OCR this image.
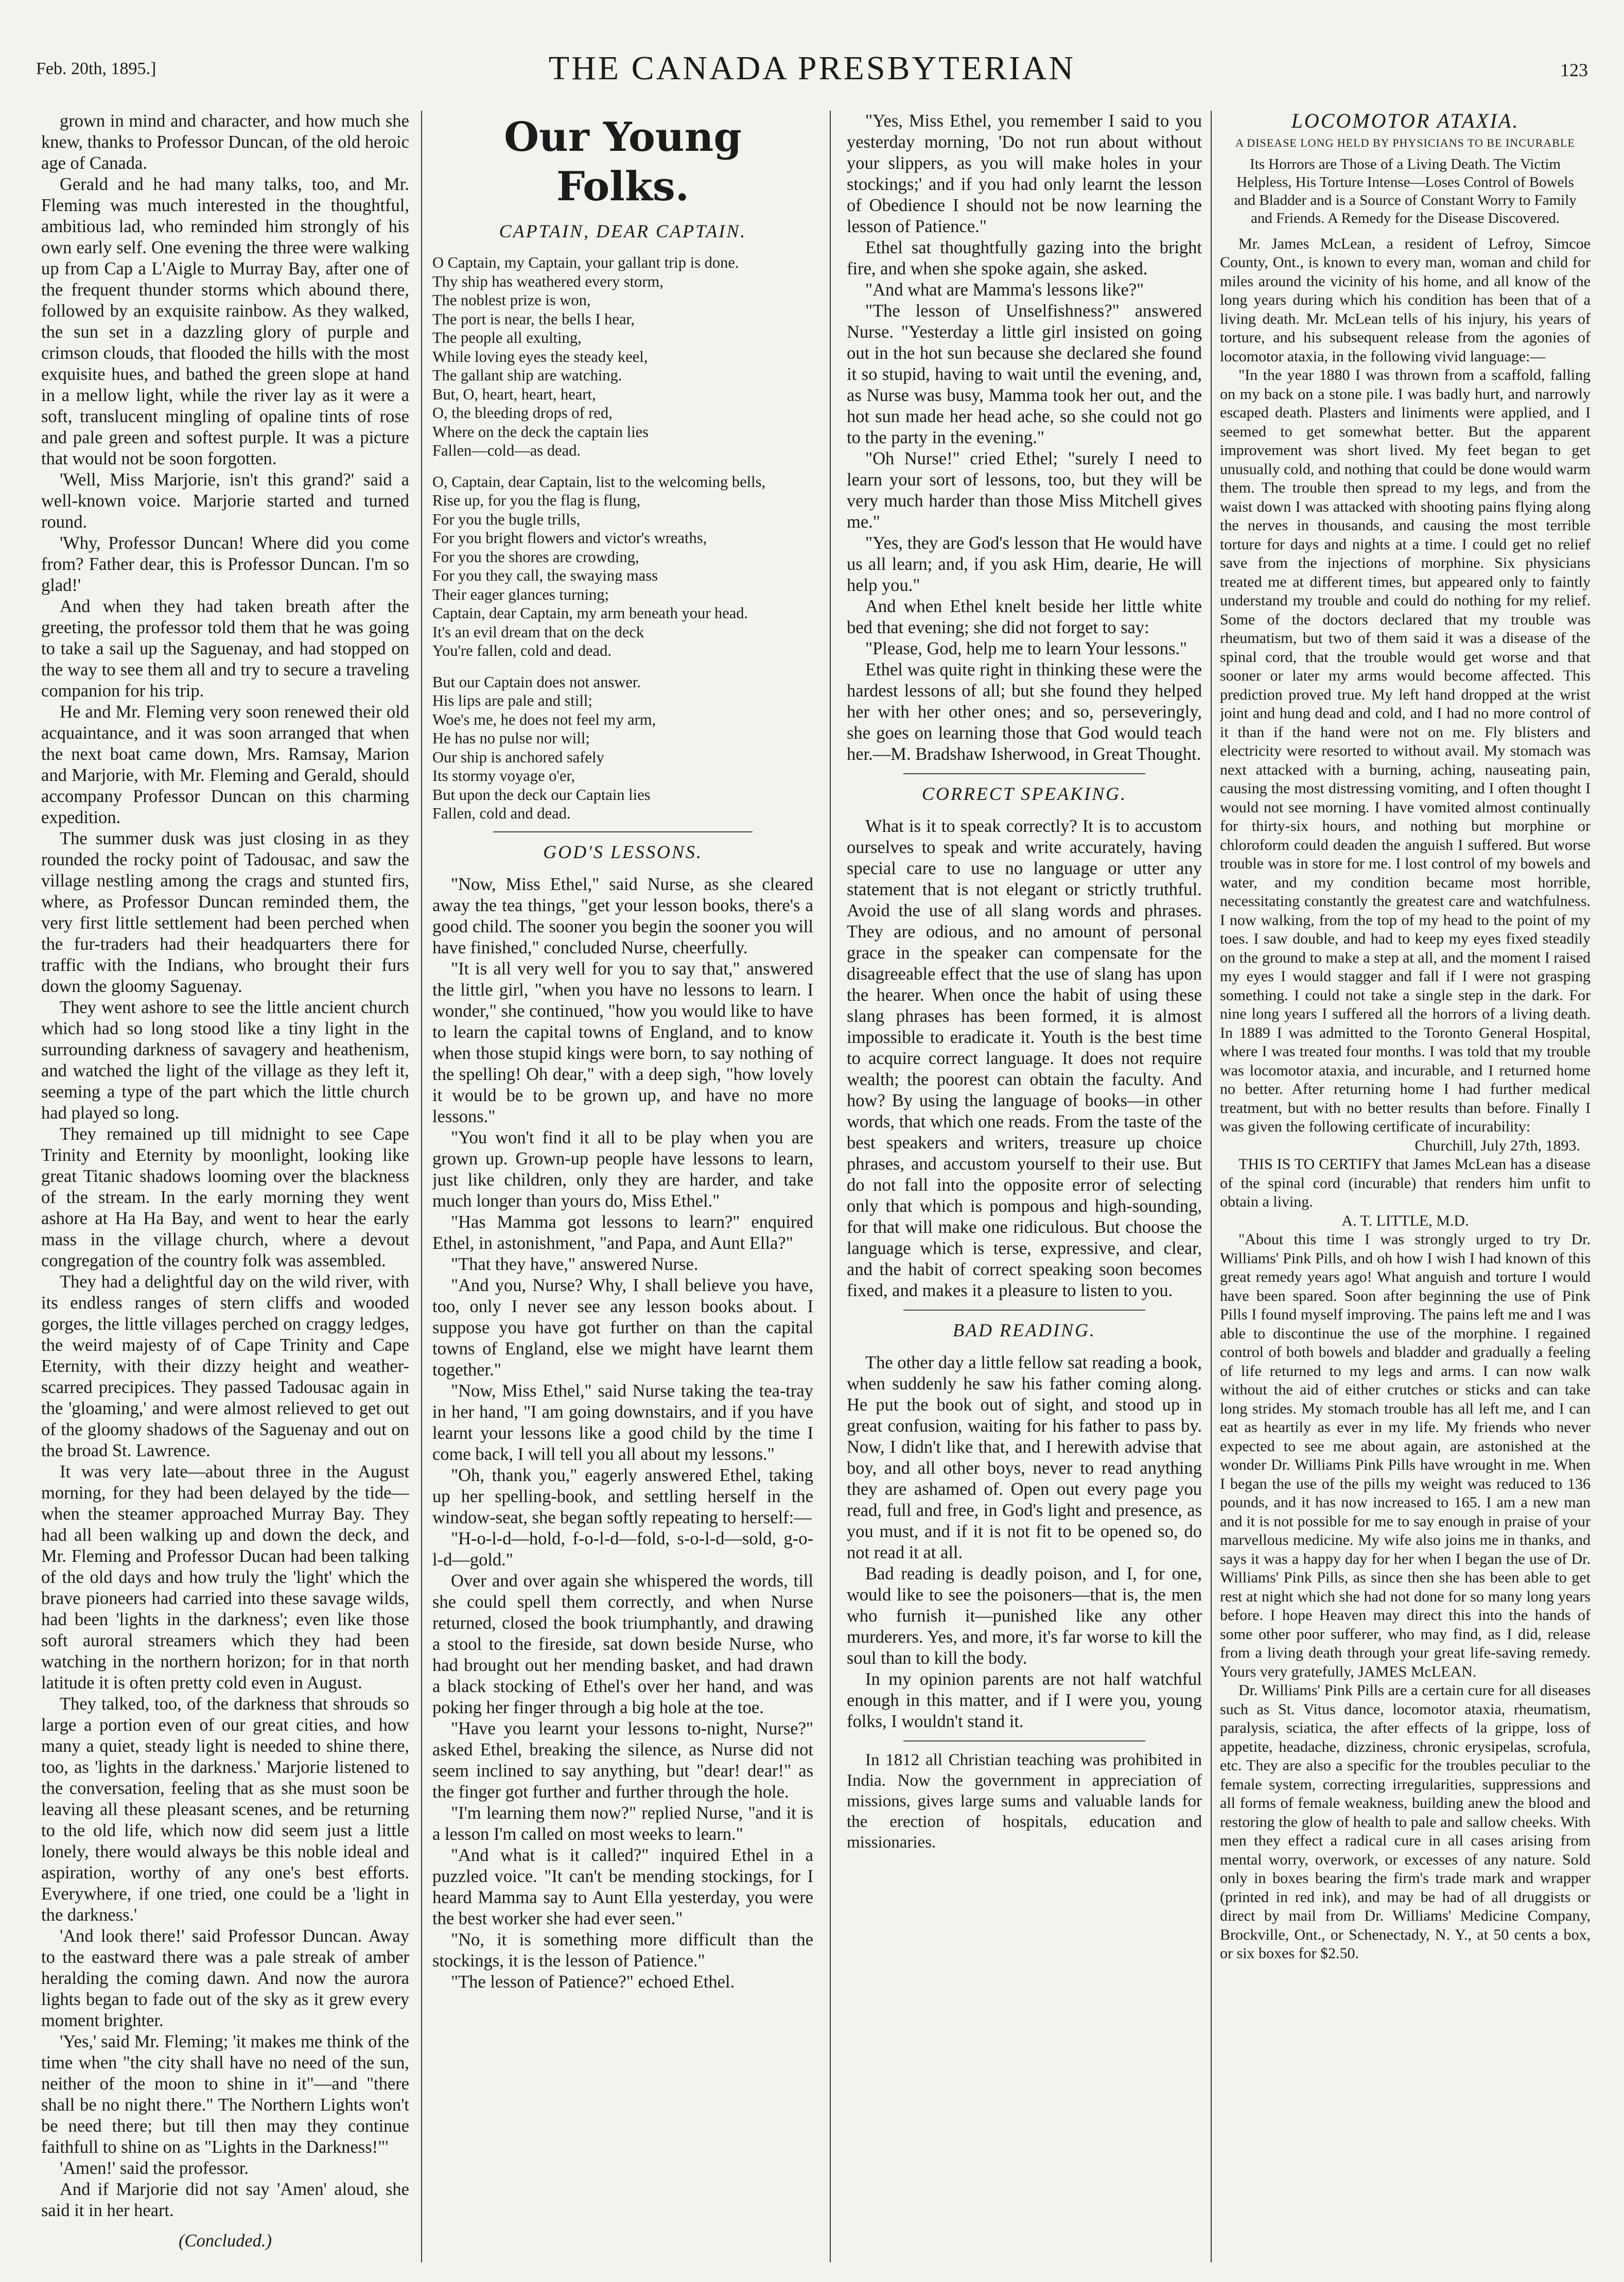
Feb. 20th, 1895.]	THE CANADA PRESBYTERIAN	123

grown in mind and character, and how much she knew, thanks to Professor Duncan, of the old heroic age of Canada.

Gerald and he had many talks, too, and Mr. Fleming was much interested in the thoughtful, ambitious lad, who reminded him strongly of his own early self. One evening the three were walking up from Cap a L'Aigle to Murray Bay, after one of the frequent thunder storms which abound there, followed by an exquisite rainbow. As they walked, the sun set in a dazzling glory of purple and crimson clouds, that flooded the hills with the most exquisite hues, and bathed the green slope at hand in a mellow light, while the river lay as it were a soft, translucent mingling of opaline tints of rose and pale green and softest purple. It was a picture that would not be soon forgotten.

'Well, Miss Marjorie, isn't this grand?' said a well-known voice. Marjorie started and turned round.

'Why, Professor Duncan! Where did you come from? Father dear, this is Professor Duncan. I'm so glad!'

And when they had taken breath after the greeting, the professor told them that he was going to take a sail up the Saguenay, and had stopped on the way to see them all and try to secure a traveling companion for his trip.

He and Mr. Fleming very soon renewed their old acquaintance, and it was soon arranged that when the next boat came down, Mrs. Ramsay, Marion and Marjorie, with Mr. Fleming and Gerald, should accompany Professor Duncan on this charming expedition.

The summer dusk was just closing in as they rounded the rocky point of Tadousac, and saw the village nestling among the crags and stunted firs, where, as Professor Duncan reminded them, the very first little settlement had been perched when the fur-traders had their headquarters there for traffic with the Indians, who brought their furs down the gloomy Saguenay.

They went ashore to see the little ancient church which had so long stood like a tiny light in the surrounding darkness of savagery and heathenism, and watched the light of the village as they left it, seeming a type of the part which the little church had played so long.

They remained up till midnight to see Cape Trinity and Eternity by moonlight, looking like great Titanic shadows looming over the blackness of the stream. In the early morning they went ashore at Ha Ha Bay, and went to hear the early mass in the village church, where a devout congregation of the country folk was assembled.

They had a delightful day on the wild river, with its endless ranges of stern cliffs and wooded gorges, the little villages perched on craggy ledges, the weird majesty of of Cape Trinity and Cape Eternity, with their dizzy height and weather-scarred precipices. They passed Tadousac again in the 'gloaming,' and were almost relieved to get out of the gloomy shadows of the Saguenay and out on the broad St. Lawrence.

It was very late—about three in the August morning, for they had been delayed by the tide—when the steamer approached Murray Bay. They had all been walking up and down the deck, and Mr. Fleming and Professor Ducan had been talking of the old days and how truly the 'light' which the brave pioneers had carried into these savage wilds, had been 'lights in the darkness'; even like those soft auroral streamers which they had been watching in the northern horizon; for in that north latitude it is often pretty cold even in August.

They talked, too, of the darkness that shrouds so large a portion even of our great cities, and how many a quiet, steady light is needed to shine there, too, as 'lights in the darkness.' Marjorie listened to the conversation, feeling that as she must soon be leaving all these pleasant scenes, and be returning to the old life, which now did seem just a little lonely, there would always be this noble ideal and aspiration, worthy of any one's best efforts. Everywhere, if one tried, one could be a 'light in the darkness.'

'And look there!' said Professor Duncan. Away to the eastward there was a pale streak of amber heralding the coming dawn. And now the aurora lights began to fade out of the sky as it grew every moment brighter.

'Yes,' said Mr. Fleming; 'it makes me think of the time when "the city shall have no need of the sun, neither of the moon to shine in it"—and "there shall be no night there." The Northern Lights won't be need there; but till then may they continue faithfull to shine on as "Lights in the Darkness!"'

'Amen!' said the professor.

And if Marjorie did not say 'Amen' aloud, she said it in her heart.

(Concluded.)
Our Young Folks.
CAPTAIN, DEAR CAPTAIN.
O Captain, my Captain, your gallant trip is done.
Thy ship has weathered every storm,
The noblest prize is won,
The port is near, the bells I hear,
The people all exulting,
While loving eyes the steady keel,
The gallant ship are watching.
But, O, heart, heart, heart,
O, the bleeding drops of red,
Where on the deck the captain lies
Fallen—cold—as dead.
O, Captain, dear Captain, list to the welcoming bells,
Rise up, for you the flag is flung,
For you the bugle trills,
For you bright flowers and victor's wreaths,
For you the shores are crowding,
For you they call, the swaying mass
Their eager glances turning;
Captain, dear Captain, my arm beneath your head.
It's an evil dream that on the deck
You're fallen, cold and dead.
But our Captain does not answer.
His lips are pale and still;
Woe's me, he does not feel my arm,
He has no pulse nor will;
Our ship is anchored safely
Its stormy voyage o'er,
But upon the deck our Captain lies
Fallen, cold and dead.
GOD'S LESSONS.

"Now, Miss Ethel," said Nurse, as she cleared away the tea things, "get your lesson books, there's a good child. The sooner you begin the sooner you will have finished," concluded Nurse, cheerfully.

"It is all very well for you to say that," answered the little girl, "when you have no lessons to learn. I wonder," she continued, "how you would like to have to learn the capital towns of England, and to know when those stupid kings were born, to say nothing of the spelling! Oh dear," with a deep sigh, "how lovely it would be to be grown up, and have no more lessons."

"You won't find it all to be play when you are grown up. Grown-up people have lessons to learn, just like children, only they are harder, and take much longer than yours do, Miss Ethel."

"Has Mamma got lessons to learn?" enquired Ethel, in astonishment, "and Papa, and Aunt Ella?"

"That they have," answered Nurse.

"And you, Nurse? Why, I shall believe you have, too, only I never see any lesson books about. I suppose you have got further on than the capital towns of England, else we might have learnt them together."

"Now, Miss Ethel," said Nurse taking the tea-tray in her hand, "I am going downstairs, and if you have learnt your lessons like a good child by the time I come back, I will tell you all about my lessons."

"Oh, thank you," eagerly answered Ethel, taking up her spelling-book, and settling herself in the window-seat, she began softly repeating to herself:—

"H-o-l-d—hold, f-o-l-d—fold, s-o-l-d—sold, g-o-l-d—gold."

Over and over again she whispered the words, till she could spell them correctly, and when Nurse returned, closed the book triumphantly, and drawing a stool to the fireside, sat down beside Nurse, who had brought out her mending basket, and had drawn a black stocking of Ethel's over her hand, and was poking her finger through a big hole at the toe.

"Have you learnt your lessons to-night, Nurse?" asked Ethel, breaking the silence, as Nurse did not seem inclined to say anything, but "dear! dear!" as the finger got further and further through the hole.

"I'm learning them now?" replied Nurse, "and it is a lesson I'm called on most weeks to learn."

"And what is it called?" inquired Ethel in a puzzled voice. "It can't be mending stockings, for I heard Mamma say to Aunt Ella yesterday, you were the best worker she had ever seen."

"No, it is something more difficult than the stockings, it is the lesson of Patience."

"The lesson of Patience?" echoed Ethel.

"Yes, Miss Ethel, you remember I said to you yesterday morning, 'Do not run about without your slippers, as you will make holes in your stockings;' and if you had only learnt the lesson of Obedience I should not be now learning the lesson of Patience."

Ethel sat thoughtfully gazing into the bright fire, and when she spoke again, she asked.

"And what are Mamma's lessons like?"

"The lesson of Unselfishness?" answered Nurse. "Yesterday a little girl insisted on going out in the hot sun because she declared she found it so stupid, having to wait until the evening, and, as Nurse was busy, Mamma took her out, and the hot sun made her head ache, so she could not go to the party in the evening."

"Oh Nurse!" cried Ethel; "surely I need to learn your sort of lessons, too, but they will be very much harder than those Miss Mitchell gives me."

"Yes, they are God's lesson that He would have us all learn; and, if you ask Him, dearie, He will help you."

And when Ethel knelt beside her little white bed that evening; she did not forget to say:

"Please, God, help me to learn Your lessons."

Ethel was quite right in thinking these were the hardest lessons of all; but she found they helped her with her other ones; and so, perseveringly, she goes on learning those that God would teach her.—M. Bradshaw Isherwood, in Great Thought.

CORRECT SPEAKING.

What is it to speak correctly? It is to accustom ourselves to speak and write accurately, having special care to use no language or utter any statement that is not elegant or strictly truthful. Avoid the use of all slang words and phrases. They are odious, and no amount of personal grace in the speaker can compensate for the disagreeable effect that the use of slang has upon the hearer. When once the habit of using these slang phrases has been formed, it is almost impossible to eradicate it. Youth is the best time to acquire correct language. It does not require wealth; the poorest can obtain the faculty. And how? By using the language of books—in other words, that which one reads. From the taste of the best speakers and writers, treasure up choice phrases, and accustom yourself to their use. But do not fall into the opposite error of selecting only that which is pompous and high-sounding, for that will make one ridiculous. But choose the language which is terse, expressive, and clear, and the habit of correct speaking soon becomes fixed, and makes it a pleasure to listen to you.

BAD READING.

The other day a little fellow sat reading a book, when suddenly he saw his father coming along. He put the book out of sight, and stood up in great confusion, waiting for his father to pass by. Now, I didn't like that, and I herewith advise that boy, and all other boys, never to read anything they are ashamed of. Open out every page you read, full and free, in God's light and presence, as you must, and if it is not fit to be opened so, do not read it at all.

Bad reading is deadly poison, and I, for one, would like to see the poisoners—that is, the men who furnish it—punished like any other murderers. Yes, and more, it's far worse to kill the soul than to kill the body.

In my opinion parents are not half watchful enough in this matter, and if I were you, young folks, I wouldn't stand it.

In 1812 all Christian teaching was prohibited in India. Now the government in appreciation of missions, gives large sums and valuable lands for the erection of hospitals, education and missionaries.

LOCOMOTOR ATAXIA.
A DISEASE LONG HELD BY PHYSICIANS TO BE INCURABLE
Its Horrors are Those of a Living Death. The Victim Helpless, His Torture Intense—Loses Control of Bowels and Bladder and is a Source of Constant Worry to Family and Friends. A Remedy for the Disease Discovered.

Mr. James McLean, a resident of Lefroy, Simcoe County, Ont., is known to every man, woman and child for miles around the vicinity of his home, and all know of the long years during which his condition has been that of a living death. Mr. McLean tells of his injury, his years of torture, and his subsequent release from the agonies of locomotor ataxia, in the following vivid language:—

"In the year 1880 I was thrown from a scaffold, falling on my back on a stone pile. I was badly hurt, and narrowly escaped death. Plasters and liniments were applied, and I seemed to get somewhat better. But the apparent improvement was short lived. My feet began to get unusually cold, and nothing that could be done would warm them. The trouble then spread to my legs, and from the waist down I was attacked with shooting pains flying along the nerves in thousands, and causing the most terrible torture for days and nights at a time. I could get no relief save from the injections of morphine. Six physicians treated me at different times, but appeared only to faintly understand my trouble and could do nothing for my relief. Some of the doctors declared that my trouble was rheumatism, but two of them said it was a disease of the spinal cord, that the trouble would get worse and that sooner or later my arms would become affected. This prediction proved true. My left hand dropped at the wrist joint and hung dead and cold, and I had no more control of it than if the hand were not on me. Fly blisters and electricity were resorted to without avail. My stomach was next attacked with a burning, aching, nauseating pain, causing the most distressing vomiting, and I often thought I would not see morning. I have vomited almost continually for thirty-six hours, and nothing but morphine or chloroform could deaden the anguish I suffered. But worse trouble was in store for me. I lost control of my bowels and water, and my condition became most horrible, necessitating constantly the greatest care and watchfulness. I now walking, from the top of my head to the point of my toes. I saw double, and had to keep my eyes fixed steadily on the ground to make a step at all, and the moment I raised my eyes I would stagger and fall if I were not grasping something. I could not take a single step in the dark. For nine long years I suffered all the horrors of a living death. In 1889 I was admitted to the Toronto General Hospital, where I was treated four months. I was told that my trouble was locomotor ataxia, and incurable, and I returned home no better. After returning home I had further medical treatment, but with no better results than before. Finally I was given the following certificate of incurability:

Churchill, July 27th, 1893.

THIS IS TO CERTIFY that James McLean has a disease of the spinal cord (incurable) that renders him unfit to obtain a living.

A. T. LITTLE, M.D.

"About this time I was strongly urged to try Dr. Williams' Pink Pills, and oh how I wish I had known of this great remedy years ago! What anguish and torture I would have been spared. Soon after beginning the use of Pink Pills I found myself improving. The pains left me and I was able to discontinue the use of the morphine. I regained control of both bowels and bladder and gradually a feeling of life returned to my legs and arms. I can now walk without the aid of either crutches or sticks and can take long strides. My stomach trouble has all left me, and I can eat as heartily as ever in my life. My friends who never expected to see me about again, are astonished at the wonder Dr. Williams Pink Pills have wrought in me. When I began the use of the pills my weight was reduced to 136 pounds, and it has now increased to 165. I am a new man and it is not possible for me to say enough in praise of your marvellous medicine. My wife also joins me in thanks, and says it was a happy day for her when I began the use of Dr. Williams' Pink Pills, as since then she has been able to get rest at night which she had not done for so many long years before. I hope Heaven may direct this into the hands of some other poor sufferer, who may find, as I did, release from a living death through your great life-saving remedy. Yours very gratefully, JAMES McLEAN.

Dr. Williams' Pink Pills are a certain cure for all diseases such as St. Vitus dance, locomotor ataxia, rheumatism, paralysis, sciatica, the after effects of la grippe, loss of appetite, headache, dizziness, chronic erysipelas, scrofula, etc. They are also a specific for the troubles peculiar to the female system, correcting irregularities, suppressions and all forms of female weakness, building anew the blood and restoring the glow of health to pale and sallow cheeks. With men they effect a radical cure in all cases arising from mental worry, overwork, or excesses of any nature. Sold only in boxes bearing the firm's trade mark and wrapper (printed in red ink), and may be had of all druggists or direct by mail from Dr. Williams' Medicine Company, Brockville, Ont., or Schenectady, N. Y., at 50 cents a box, or six boxes for $2.50.
